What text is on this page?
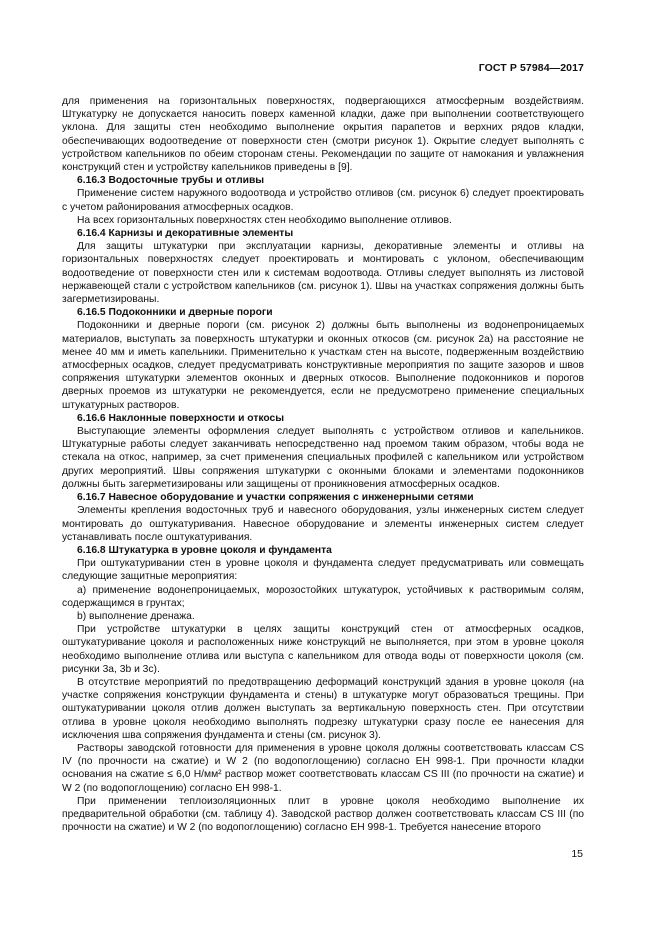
ГОСТ Р 57984—2017

для применения на горизонтальных поверхностях, подвергающихся атмосферным воздействиям. Штукатурку не допускается наносить поверх каменной кладки, даже при выполнении соответствующего уклона. Для защиты стен необходимо выполнение окрытия парапетов и верхних рядов кладки, обеспечивающих водоотведение от поверхности стен (смотри рисунок 1). Окрытие следует выполнять с устройством капельников по обеим сторонам стены. Рекомендации по защите от намокания и увлажнения конструкций стен и устройству капельников приведены в [9].

6.16.3 Водосточные трубы и отливы

Применение систем наружного водоотвода и устройство отливов (см. рисунок 6) следует проектировать с учетом районирования атмосферных осадков.

На всех горизонтальных поверхностях стен необходимо выполнение отливов.

6.16.4 Карнизы и декоративные элементы

Для защиты штукатурки при эксплуатации карнизы, декоративные элементы и отливы на горизонтальных поверхностях следует проектировать и монтировать с уклоном, обеспечивающим водоотведение от поверхности стен или к системам водоотвода. Отливы следует выполнять из листовой нержавеющей стали с устройством капельников (см. рисунок 1). Швы на участках сопряжения должны быть загерметизированы.

6.16.5 Подоконники и дверные пороги

Подоконники и дверные пороги (см. рисунок 2) должны быть выполнены из водонепроницаемых материалов, выступать за поверхность штукатурки и оконных откосов (см. рисунок 2а) на расстояние не менее 40 мм и иметь капельники. Применительно к участкам стен на высоте, подверженным воздействию атмосферных осадков, следует предусматривать конструктивные мероприятия по защите зазоров и швов сопряжения штукатурки элементов оконных и дверных откосов. Выполнение подоконников и порогов дверных проемов из штукатурки не рекомендуется, если не предусмотрено применение специальных штукатурных растворов.

6.16.6 Наклонные поверхности и откосы

Выступающие элементы оформления следует выполнять с устройством отливов и капельников. Штукатурные работы следует заканчивать непосредственно над проемом таким образом, чтобы вода не стекала на откос, например, за счет применения специальных профилей с капельником или устройством других мероприятий. Швы сопряжения штукатурки с оконными блоками и элементами подоконников должны быть загерметизированы или защищены от проникновения атмосферных осадков.

6.16.7 Навесное оборудование и участки сопряжения с инженерными сетями

Элементы крепления водосточных труб и навесного оборудования, узлы инженерных систем следует монтировать до оштукатуривания. Навесное оборудование и элементы инженерных систем следует устанавливать после оштукатуривания.

6.16.8 Штукатурка в уровне цоколя и фундамента

При оштукатуривании стен в уровне цоколя и фундамента следует предусматривать или совмещать следующие защитные мероприятия:

а) применение водонепроницаемых, морозостойких штукатурок, устойчивых к растворимым солям, содержащимся в грунтах;

b) выполнение дренажа.

При устройстве штукатурки в целях защиты конструкций стен от атмосферных осадков, оштукатуривание цоколя и расположенных ниже конструкций не выполняется, при этом в уровне цоколя необходимо выполнение отлива или выступа с капельником для отвода воды от поверхности цоколя (см. рисунки 3а, 3b и 3с).

В отсутствие мероприятий по предотвращению деформаций конструкций здания в уровне цоколя (на участке сопряжения конструкции фундамента и стены) в штукатурке могут образоваться трещины. При оштукатуривании цоколя отлив должен выступать за вертикальную поверхность стен. При отсутствии отлива в уровне цоколя необходимо выполнять подрезку штукатурки сразу после ее нанесения для исключения шва сопряжения фундамента и стены (см. рисунок 3).

Растворы заводской готовности для применения в уровне цоколя должны соответствовать классам CS IV (по прочности на сжатие) и W 2 (по водопоглощению) согласно ЕН 998-1. При прочности кладки основания на сжатие ≤ 6,0 Н/мм² раствор может соответствовать классам CS III (по прочности на сжатие) и W 2 (по водопоглощению) согласно ЕН 998-1.

При применении теплоизоляционных плит в уровне цоколя необходимо выполнение их предварительной обработки (см. таблицу 4). Заводской раствор должен соответствовать классам CS III (по прочности на сжатие) и W 2 (по водопоглощению) согласно ЕН 998-1. Требуется нанесение второго

15
